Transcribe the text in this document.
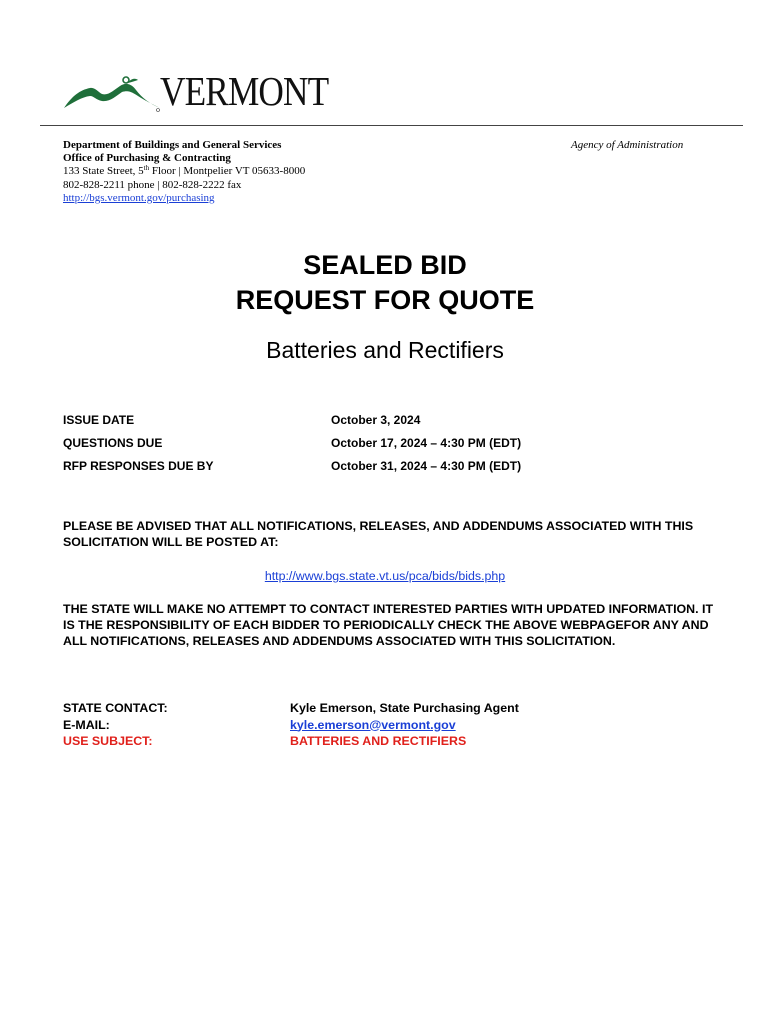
VERMONT
Department of Buildings and General Services
Office of Purchasing & Contracting
133 State Street, 5th Floor | Montpelier VT 05633-8000
802-828-2211 phone | 802-828-2222 fax
http://bgs.vermont.gov/purchasing
Agency of Administration
SEALED BID
REQUEST FOR QUOTE
Batteries and Rectifiers
ISSUE DATE	October 3, 2024
QUESTIONS DUE	October 17, 2024 – 4:30 PM (EDT)
RFP RESPONSES DUE BY	October 31, 2024 – 4:30 PM (EDT)
PLEASE BE ADVISED THAT ALL NOTIFICATIONS, RELEASES, AND ADDENDUMS ASSOCIATED WITH THIS SOLICITATION WILL BE POSTED AT:
http://www.bgs.state.vt.us/pca/bids/bids.php
THE STATE WILL MAKE NO ATTEMPT TO CONTACT INTERESTED PARTIES WITH UPDATED INFORMATION. IT IS THE RESPONSIBILITY OF EACH BIDDER TO PERIODICALLY CHECK THE ABOVE WEBPAGEFOR ANY AND ALL NOTIFICATIONS, RELEASES AND ADDENDUMS ASSOCIATED WITH THIS SOLICITATION.
STATE CONTACT:	Kyle Emerson, State Purchasing Agent
E-MAIL:	kyle.emerson@vermont.gov
USE SUBJECT:	BATTERIES AND RECTIFIERS
